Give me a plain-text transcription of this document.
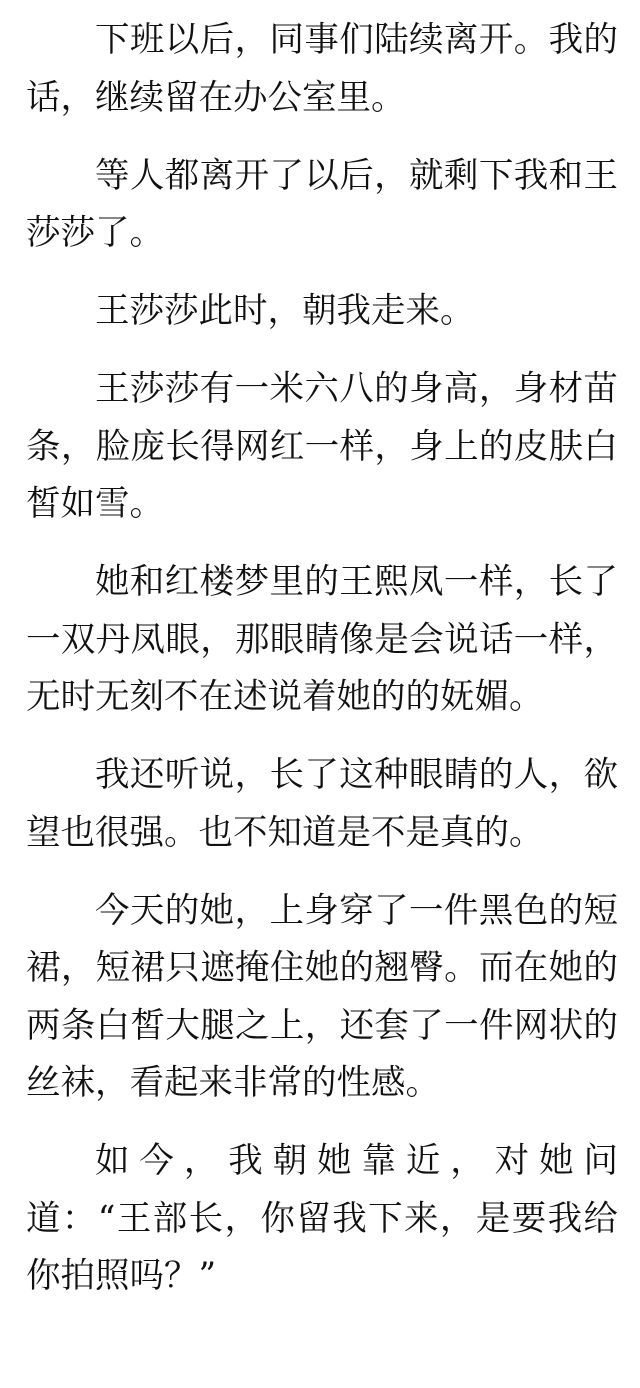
下班以后，同事们陆续离开。我的话，继续留在办公室里。

等人都离开了以后，就剩下我和王莎莎了。

王莎莎此时，朝我走来。

王莎莎有一米六八的身高，身材苗条，脸庞长得网红一样，身上的皮肤白皙如雪。

她和红楼梦里的王熙凤一样，长了一双丹凤眼，那眼睛像是会说话一样，无时无刻不在述说着她的的妩媚。

我还听说，长了这种眼睛的人，欲望也很强。也不知道是不是真的。

今天的她，上身穿了一件黑色的短裙，短裙只遮掩住她的翘臀。而在她的两条白皙大腿之上，还套了一件网状的丝袜，看起来非常的性感。

如今，我朝她靠近，对她问道：“王部长，你留我下来，是要我给你拍照吗？”
